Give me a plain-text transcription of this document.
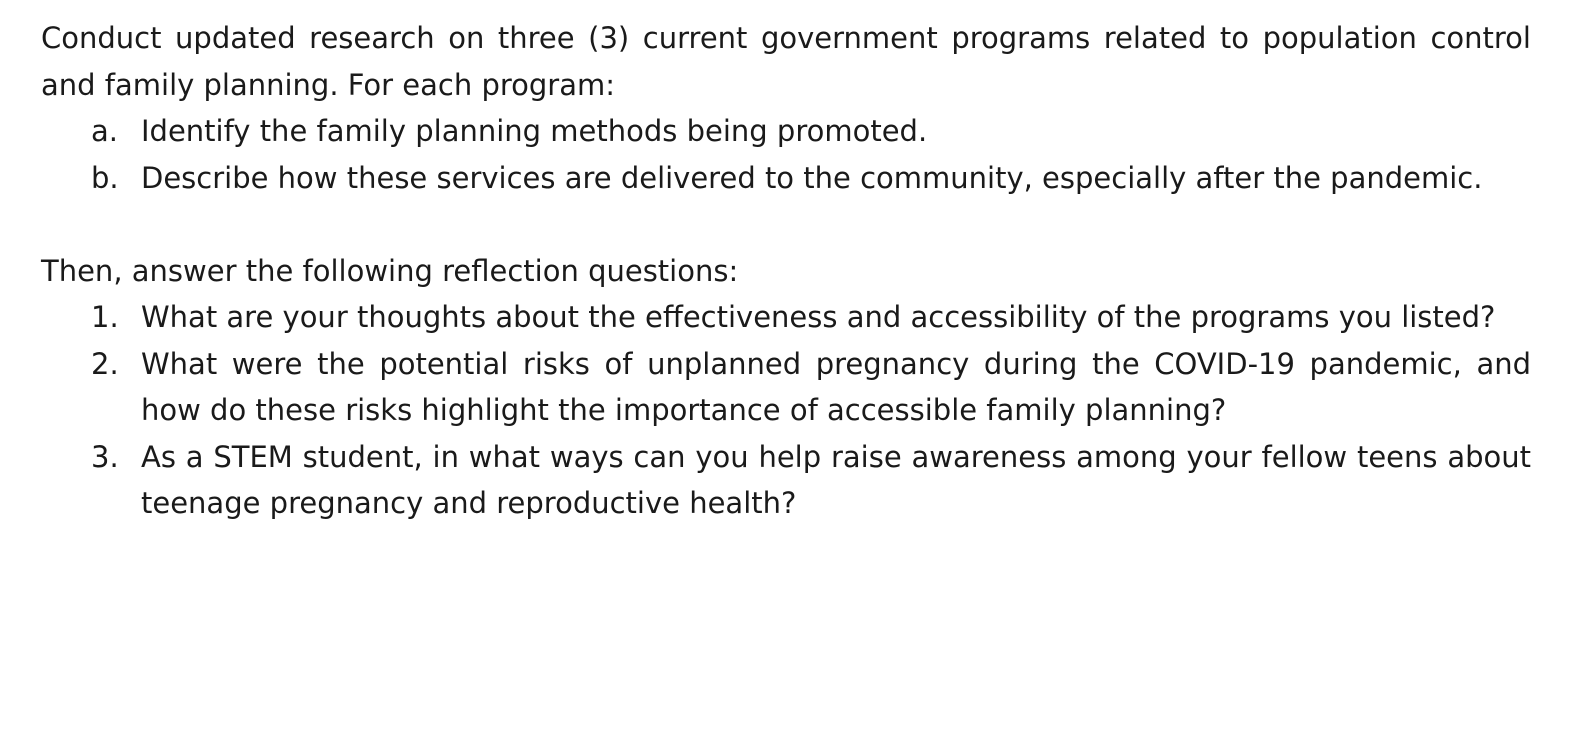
Conduct updated research on three (3) current government programs related to population control and family planning. For each program:

a. Identify the family planning methods being promoted.
b. Describe how these services are delivered to the community, especially after the pandemic.

Then, answer the following reflection questions:

1. What are your thoughts about the effectiveness and accessibility of the programs you listed?
2. What were the potential risks of unplanned pregnancy during the COVID-19 pandemic, and how do these risks highlight the importance of accessible family planning?
3. As a STEM student, in what ways can you help raise awareness among your fellow teens about teenage pregnancy and reproductive health?
